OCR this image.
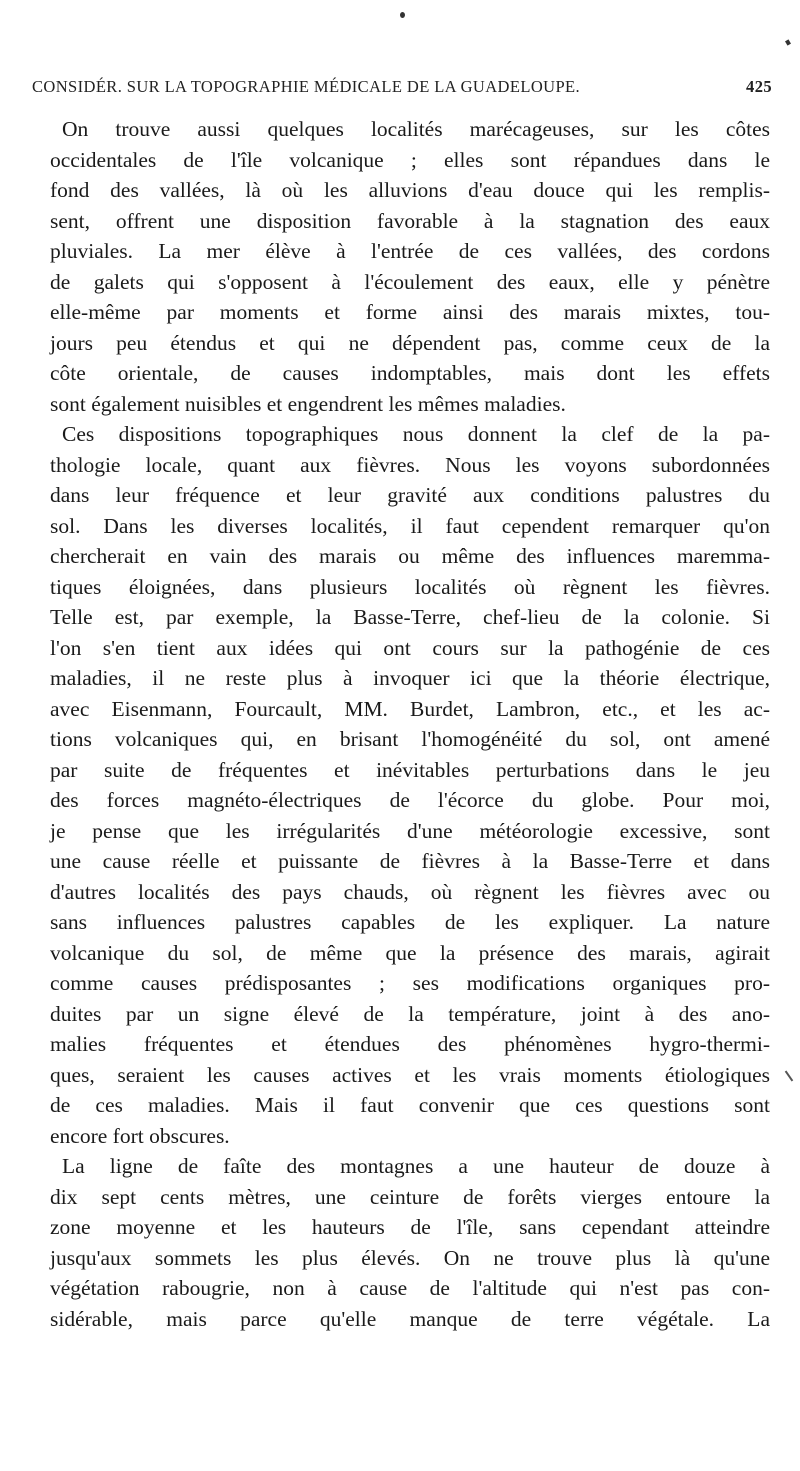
CONSIDÉR. SUR LA TOPOGRAPHIE MÉDICALE DE LA GUADELOUPE.	425
On trouve aussi quelques localités marécageuses, sur les côtes
occidentales de l'île volcanique ; elles sont répandues dans le
fond des vallées, là où les alluvions d'eau douce qui les remplis-
sent, offrent une disposition favorable à la stagnation des eaux
pluviales. La mer élève à l'entrée de ces vallées, des cordons
de galets qui s'opposent à l'écoulement des eaux, elle y pénètre
elle-même par moments et forme ainsi des marais mixtes, tou-
jours peu étendus et qui ne dépendent pas, comme ceux de la
côte orientale, de causes indomptables, mais dont les effets
sont également nuisibles et engendrent les mêmes maladies.
Ces dispositions topographiques nous donnent la clef de la pa-
thologie locale, quant aux fièvres. Nous les voyons subordonnées
dans leur fréquence et leur gravité aux conditions palustres du
sol. Dans les diverses localités, il faut cependent remarquer qu'on
chercherait en vain des marais ou même des influences maremma-
tiques éloignées, dans plusieurs localités où règnent les fièvres.
Telle est, par exemple, la Basse-Terre, chef-lieu de la colonie. Si
l'on s'en tient aux idées qui ont cours sur la pathogénie de ces
maladies, il ne reste plus à invoquer ici que la théorie électrique,
avec Eisenmann, Fourcault, MM. Burdet, Lambron, etc., et les ac-
tions volcaniques qui, en brisant l'homogénéité du sol, ont amené
par suite de fréquentes et inévitables perturbations dans le jeu
des forces magnéto-électriques de l'écorce du globe. Pour moi,
je pense que les irrégularités d'une météorologie excessive, sont
une cause réelle et puissante de fièvres à la Basse-Terre et dans
d'autres localités des pays chauds, où règnent les fièvres avec ou
sans influences palustres capables de les expliquer. La nature
volcanique du sol, de même que la présence des marais, agirait
comme causes prédisposantes ; ses modifications organiques pro-
duites par un signe élevé de la température, joint à des ano-
malies fréquentes et étendues des phénomènes hygro-thermi-
ques, seraient les causes actives et les vrais moments étiologiques
de ces maladies. Mais il faut convenir que ces questions sont
encore fort obscures.
La ligne de faîte des montagnes a une hauteur de douze à
dix sept cents mètres, une ceinture de forêts vierges entoure la
zone moyenne et les hauteurs de l'île, sans cependant atteindre
jusqu'aux sommets les plus élevés. On ne trouve plus là qu'une
végétation rabougrie, non à cause de l'altitude qui n'est pas con-
sidérable, mais parce qu'elle manque de terre végétale. La
